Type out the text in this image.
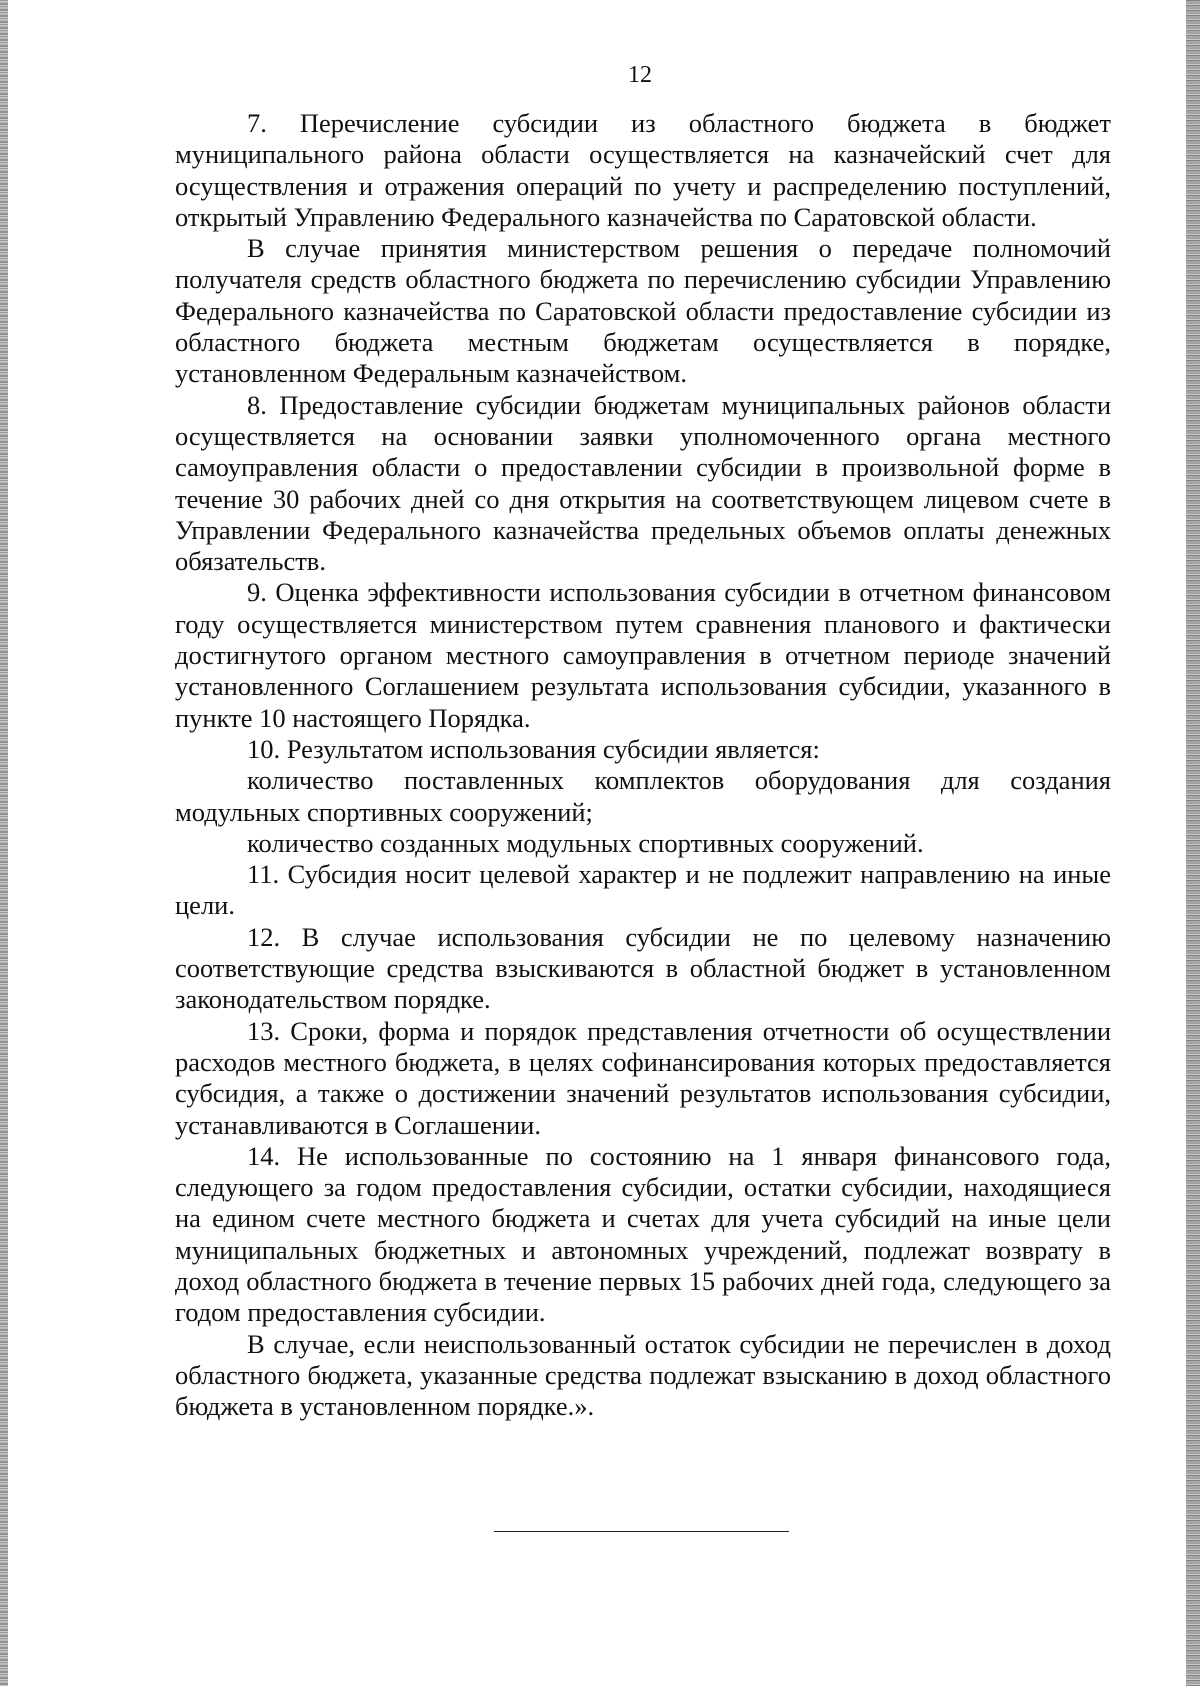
12

7. Перечисление субсидии из областного бюджета в бюджет муниципального района области осуществляется на казначейский счет для осуществления и отражения операций по учету и распределению поступлений, открытый Управлению Федерального казначейства по Саратовской области.

В случае принятия министерством решения о передаче полномочий получателя средств областного бюджета по перечислению субсидии Управлению Федерального казначейства по Саратовской области предоставление субсидии из областного бюджета местным бюджетам осуществляется в порядке, установленном Федеральным казначейством.

8. Предоставление субсидии бюджетам муниципальных районов области осуществляется на основании заявки уполномоченного органа местного самоуправления области о предоставлении субсидии в произвольной форме в течение 30 рабочих дней со дня открытия на соответствующем лицевом счете в Управлении Федерального казначейства предельных объемов оплаты денежных обязательств.

9. Оценка эффективности использования субсидии в отчетном финансовом году осуществляется министерством путем сравнения планового и фактически достигнутого органом местного самоуправления в отчетном периоде значений установленного Соглашением результата использования субсидии, указанного в пункте 10 настоящего Порядка.

10. Результатом использования субсидии является:

количество поставленных комплектов оборудования для создания модульных спортивных сооружений;

количество созданных модульных спортивных сооружений.

11. Субсидия носит целевой характер и не подлежит направлению на иные цели.

12. В случае использования субсидии не по целевому назначению соответствующие средства взыскиваются в областной бюджет в установленном законодательством порядке.

13. Сроки, форма и порядок представления отчетности об осуществлении расходов местного бюджета, в целях софинансирования которых предоставляется субсидия, а также о достижении значений результатов использования субсидии, устанавливаются в Соглашении.

14. Не использованные по состоянию на 1 января финансового года, следующего за годом предоставления субсидии, остатки субсидии, находящиеся на едином счете местного бюджета и счетах для учета субсидий на иные цели муниципальных бюджетных и автономных учреждений, подлежат возврату в доход областного бюджета в течение первых 15 рабочих дней года, следующего за годом предоставления субсидии.

В случае, если неиспользованный остаток субсидии не перечислен в доход областного бюджета, указанные средства подлежат взысканию в доход областного бюджета в установленном порядке.».
